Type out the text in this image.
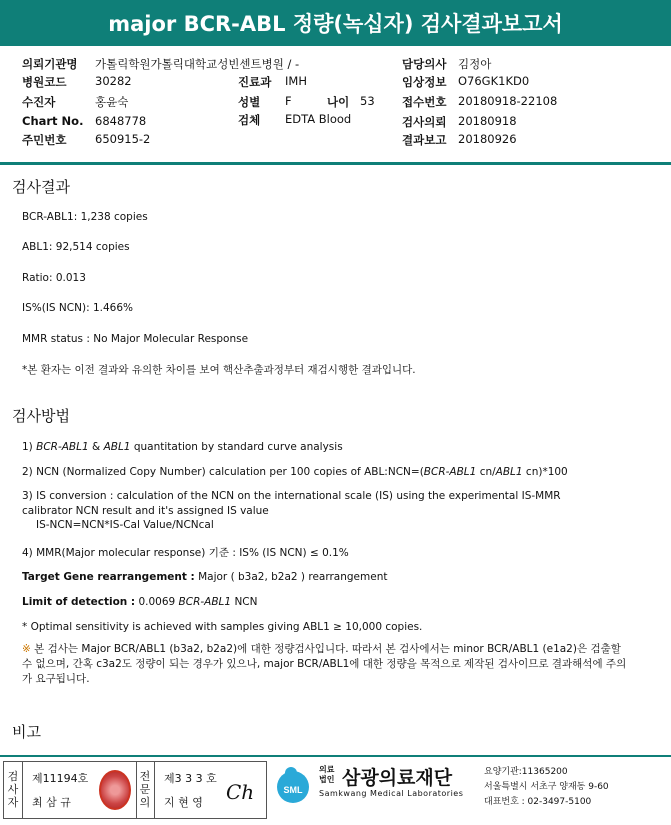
major BCR-ABL 정량(녹십자) 검사결과보고서
의뢰기관명 가톨릭학원가톨릭대학교성빈센트병원 / -	담당의사 김정아
병원코드 30282	진료과 IMH	임상정보 O76GK1KD0
수진자	홍윤숙	성별 F	나이 53 접수번호 20180918-22108
Chart No. 6848778	검체 EDTA Blood	검사의뢰 20180918
주민번호 650915-2	결과보고 20180926
검사결과
BCR-ABL1: 1,238 copies
ABL1: 92,514 copies
Ratio: 0.013
IS%(IS NCN): 1.466%
MMR status : No Major Molecular Response
*본 환자는 이전 결과와 유의한 차이를 보여 핵산추출과정부터 재검시행한 결과입니다.
검사방법
1) BCR-ABL1 & ABL1 quantitation by standard curve analysis
2) NCN (Normalized Copy Number) calculation per 100 copies of ABL:NCN=(BCR-ABL1 cn/ABL1 cn)*100
3) IS conversion : calculation of the NCN on the international scale (IS) using the experimental IS-MMR calibrator NCN result and it's assigned IS value
IS-NCN=NCN*IS-Cal Value/NCNcal
4) MMR(Major molecular response) 기준 : IS% (IS NCN) ≤ 0.1%
Target Gene rearrangement : Major ( b3a2, b2a2 ) rearrangement
Limit of detection : 0.0069 BCR-ABL1 NCN
* Optimal sensitivity is achieved with samples giving ABL1 ≥ 10,000 copies.
※ 본 검사는 Major BCR/ABL1 (b3a2, b2a2)에 대한 정량검사입니다. 따라서 본 검사에서는 minor BCR/ABL1 (e1a2)은 검출할 수 없으며, 간혹 c3a2도 정량이 되는 경우가 있으나, major BCR/ABL1에 대한 정량을 목적으로 제작된 검사이므로 결과해석에 주의가 요구됩니다.
비고
검사자
제11194호
최 삼 규
전문의
제3 3 3 호
지 현 영 Ch	SML
의료
법인 삼광의료재단
Samkwang Medical Laboratories
요양기관:11365200
서울특별시 서초구 양재동 9-60
대표번호 : 02-3497-5100
